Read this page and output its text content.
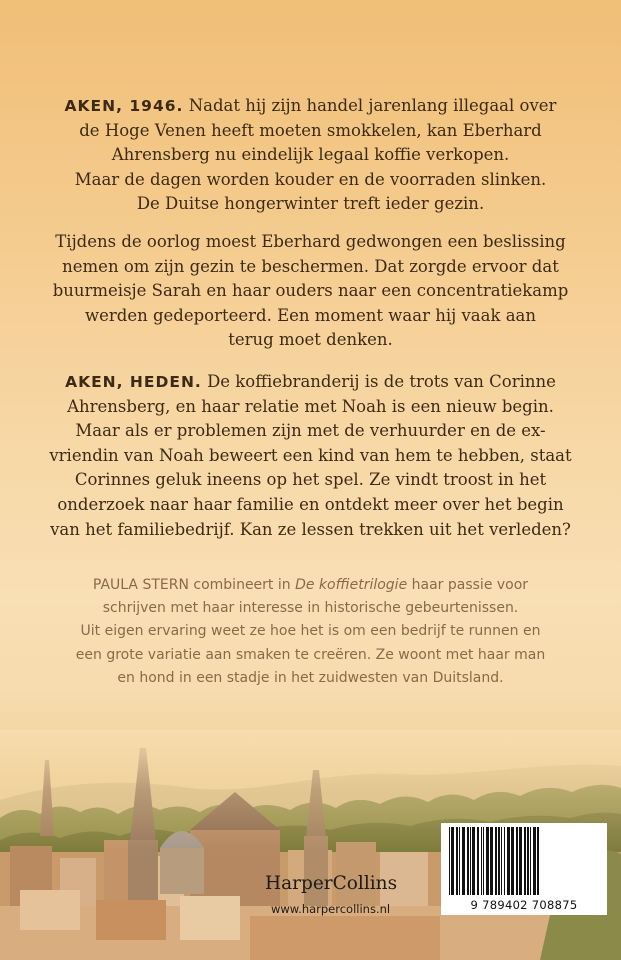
AKEN, 1946. Nadat hij zijn handel jarenlang illegaal over
de Hoge Venen heeft moeten smokkelen, kan Eberhard
Ahrensberg nu eindelijk legaal koffie verkopen.
Maar de dagen worden kouder en de voorraden slinken.
De Duitse hongerwinter treft ieder gezin.

Tijdens de oorlog moest Eberhard gedwongen een beslissing
nemen om zijn gezin te beschermen. Dat zorgde ervoor dat
buurmeisje Sarah en haar ouders naar een concentratiekamp
werden gedeporteerd. Een moment waar hij vaak aan
terug moet denken.

AKEN, HEDEN. De koffiebranderij is de trots van Corinne
Ahrensberg, en haar relatie met Noah is een nieuw begin.
Maar als er problemen zijn met de verhuurder en de ex-
vriendin van Noah beweert een kind van hem te hebben, staat
Corinnes geluk ineens op het spel. Ze vindt troost in het
onderzoek naar haar familie en ontdekt meer over het begin
van het familiebedrijf. Kan ze lessen trekken uit het verleden?

PAULA STERN combineert in De koffietrilogie haar passie voor
schrijven met haar interesse in historische gebeurtenissen.
Uit eigen ervaring weet ze hoe het is om een bedrijf te runnen en
een grote variatie aan smaken te creëren. Ze woont met haar man
en hond in een stadje in het zuidwesten van Duitsland.

HarperCollins
www.harpercollins.nl	9 789402 708875
